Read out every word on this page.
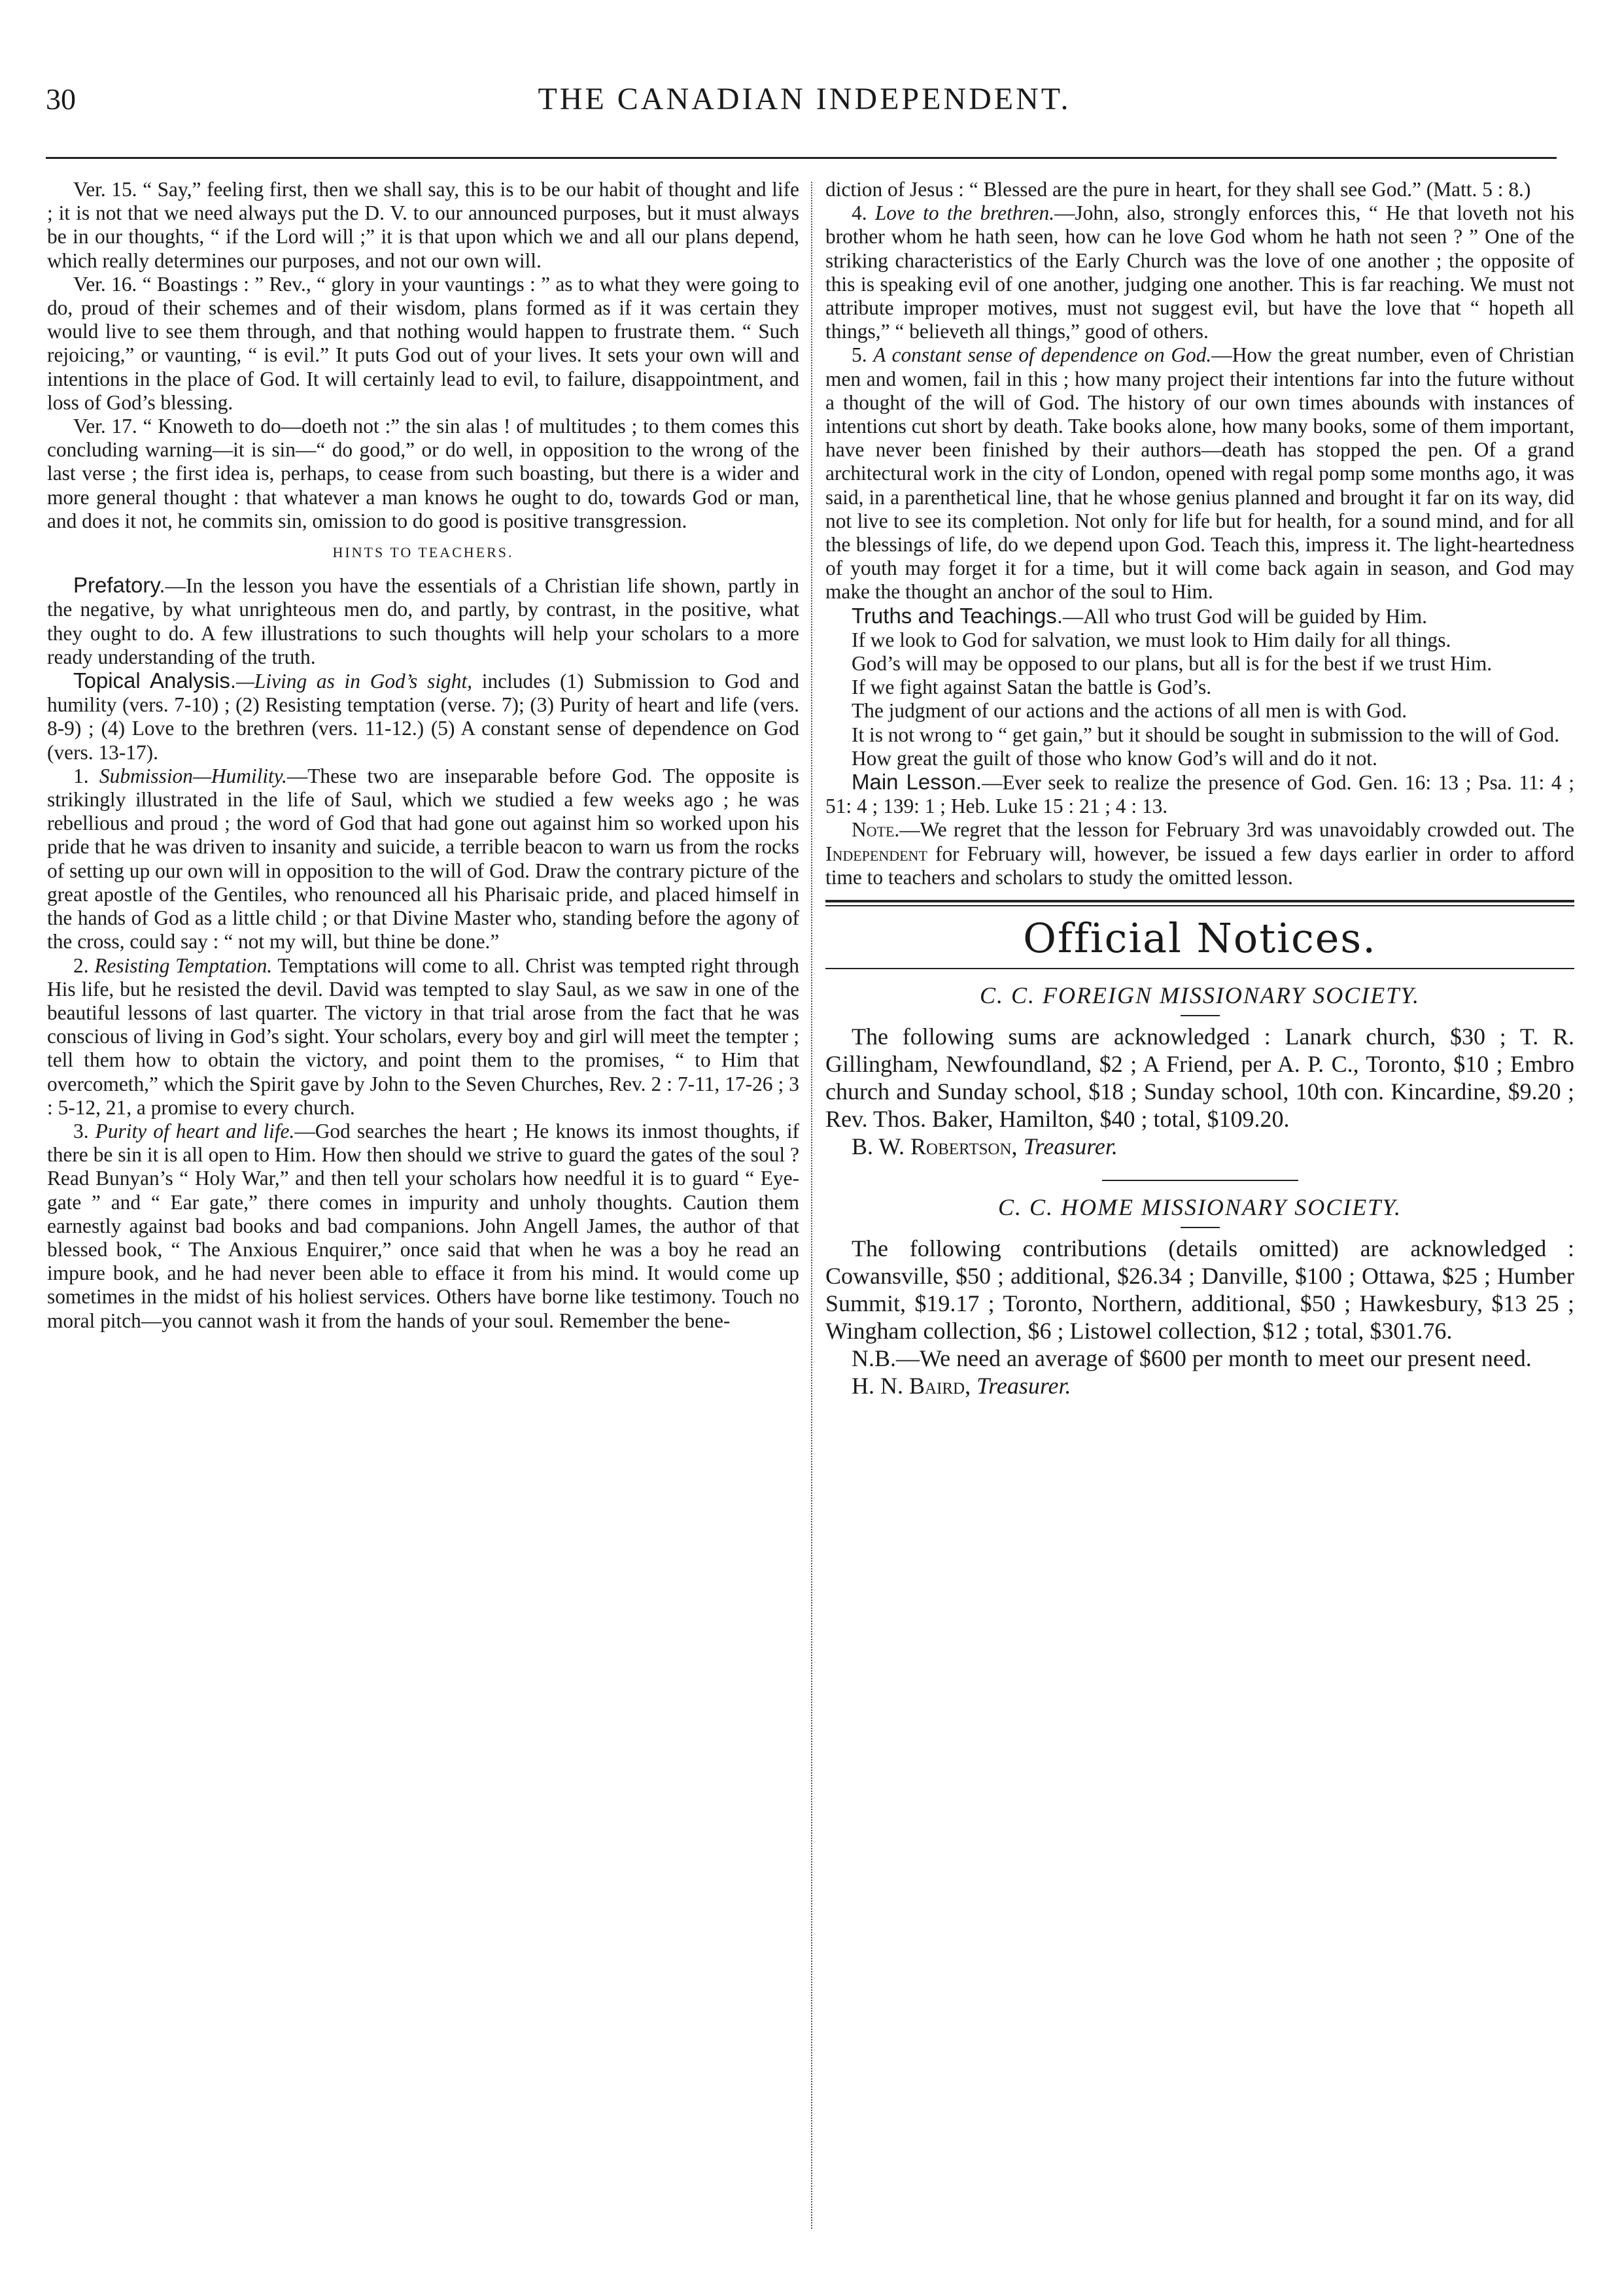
30	THE CANADIAN INDEPENDENT.

Ver. 15. “ Say,” feeling first, then we shall say, this is to be our habit of thought and life ; it is not that we need always put the D. V. to our announced purposes, but it must always be in our thoughts, “ if the Lord will ;” it is that upon which we and all our plans depend, which really determines our purposes, and not our own will.

Ver. 16. “ Boastings : ” Rev., “ glory in your vauntings : ” as to what they were going to do, proud of their schemes and of their wisdom, plans formed as if it was certain they would live to see them through, and that nothing would happen to frustrate them. “ Such rejoicing,” or vaunting, “ is evil.” It puts God out of your lives. It sets your own will and intentions in the place of God. It will certainly lead to evil, to failure, disappointment, and loss of God’s blessing.

Ver. 17. “ Knoweth to do—doeth not :” the sin alas ! of multitudes ; to them comes this concluding warning—it is sin—“ do good,” or do well, in opposition to the wrong of the last verse ; the first idea is, perhaps, to cease from such boasting, but there is a wider and more general thought : that whatever a man knows he ought to do, towards God or man, and does it not, he commits sin, omission to do good is positive transgression.

HINTS TO TEACHERS.

Prefatory.—In the lesson you have the essentials of a Christian life shown, partly in the negative, by what unrighteous men do, and partly, by contrast, in the positive, what they ought to do. A few illustrations to such thoughts will help your scholars to a more ready understanding of the truth.

Topical Analysis.—Living as in God’s sight, includes (1) Submission to God and humility (vers. 7-10) ; (2) Resisting temptation (verse. 7); (3) Purity of heart and life (vers. 8-9) ; (4) Love to the brethren (vers. 11-12.) (5) A constant sense of dependence on God (vers. 13-17).

1. Submission—Humility.—These two are inseparable before God. The opposite is strikingly illustrated in the life of Saul, which we studied a few weeks ago ; he was rebellious and proud ; the word of God that had gone out against him so worked upon his pride that he was driven to insanity and suicide, a terrible beacon to warn us from the rocks of setting up our own will in opposition to the will of God. Draw the contrary picture of the great apostle of the Gentiles, who renounced all his Pharisaic pride, and placed himself in the hands of God as a little child ; or that Divine Master who, standing before the agony of the cross, could say : “ not my will, but thine be done.”

2. Resisting Temptation. Temptations will come to all. Christ was tempted right through His life, but he resisted the devil. David was tempted to slay Saul, as we saw in one of the beautiful lessons of last quarter. The victory in that trial arose from the fact that he was conscious of living in God’s sight. Your scholars, every boy and girl will meet the tempter ; tell them how to obtain the victory, and point them to the promises, “ to Him that overcometh,” which the Spirit gave by John to the Seven Churches, Rev. 2 : 7-11, 17-26 ; 3 : 5-12, 21, a promise to every church.

3. Purity of heart and life.—God searches the heart ; He knows its inmost thoughts, if there be sin it is all open to Him. How then should we strive to guard the gates of the soul ? Read Bunyan’s “ Holy War,” and then tell your scholars how needful it is to guard “ Eye-gate ” and “ Ear gate,” there comes in impurity and unholy thoughts. Caution them earnestly against bad books and bad companions. John Angell James, the author of that blessed book, “ The Anxious Enquirer,” once said that when he was a boy he read an impure book, and he had never been able to efface it from his mind. It would come up sometimes in the midst of his holiest services. Others have borne like testimony. Touch no moral pitch—you cannot wash it from the hands of your soul. Remember the bene-

diction of Jesus : “ Blessed are the pure in heart, for they shall see God.” (Matt. 5 : 8.)

4. Love to the brethren.—John, also, strongly enforces this, “ He that loveth not his brother whom he hath seen, how can he love God whom he hath not seen ? ” One of the striking characteristics of the Early Church was the love of one another ; the opposite of this is speaking evil of one another, judging one another. This is far reaching. We must not attribute improper motives, must not suggest evil, but have the love that “ hopeth all things,” “ believeth all things,” good of others.

5. A constant sense of dependence on God.—How the great number, even of Christian men and women, fail in this ; how many project their intentions far into the future without a thought of the will of God. The history of our own times abounds with instances of intentions cut short by death. Take books alone, how many books, some of them important, have never been finished by their authors—death has stopped the pen. Of a grand architectural work in the city of London, opened with regal pomp some months ago, it was said, in a parenthetical line, that he whose genius planned and brought it far on its way, did not live to see its completion. Not only for life but for health, for a sound mind, and for all the blessings of life, do we depend upon God. Teach this, impress it. The light-heartedness of youth may forget it for a time, but it will come back again in season, and God may make the thought an anchor of the soul to Him.

Truths and Teachings.—All who trust God will be guided by Him.

If we look to God for salvation, we must look to Him daily for all things.

God’s will may be opposed to our plans, but all is for the best if we trust Him.

If we fight against Satan the battle is God’s.

The judgment of our actions and the actions of all men is with God.

It is not wrong to “ get gain,” but it should be sought in submission to the will of God.

How great the guilt of those who know God’s will and do it not.

Main Lesson.—Ever seek to realize the presence of God. Gen. 16: 13 ; Psa. 11: 4 ; 51: 4 ; 139: 1 ; Heb. Luke 15 : 21 ; 4 : 13.

Note.—We regret that the lesson for February 3rd was unavoidably crowded out. The Independent for February will, however, be issued a few days earlier in order to afford time to teachers and scholars to study the omitted lesson.

Official Notices.
C. C. FOREIGN MISSIONARY SOCIETY.

The following sums are acknowledged : Lanark church, $30 ; T. R. Gillingham, Newfoundland, $2 ; A Friend, per A. P. C., Toronto, $10 ; Embro church and Sunday school, $18 ; Sunday school, 10th con. Kincardine, $9.20 ; Rev. Thos. Baker, Hamilton, $40 ; total, $109.20.

B. W. Robertson, Treasurer.

C. C. HOME MISSIONARY SOCIETY.

The following contributions (details omitted) are acknowledged : Cowansville, $50 ; additional, $26.34 ; Danville, $100 ; Ottawa, $25 ; Humber Summit, $19.17 ; Toronto, Northern, additional, $50 ; Hawkesbury, $13 25 ; Wingham collection, $6 ; Listowel collection, $12 ; total, $301.76.

N.B.—We need an average of $600 per month to meet our present need.

H. N. Baird, Treasurer.
